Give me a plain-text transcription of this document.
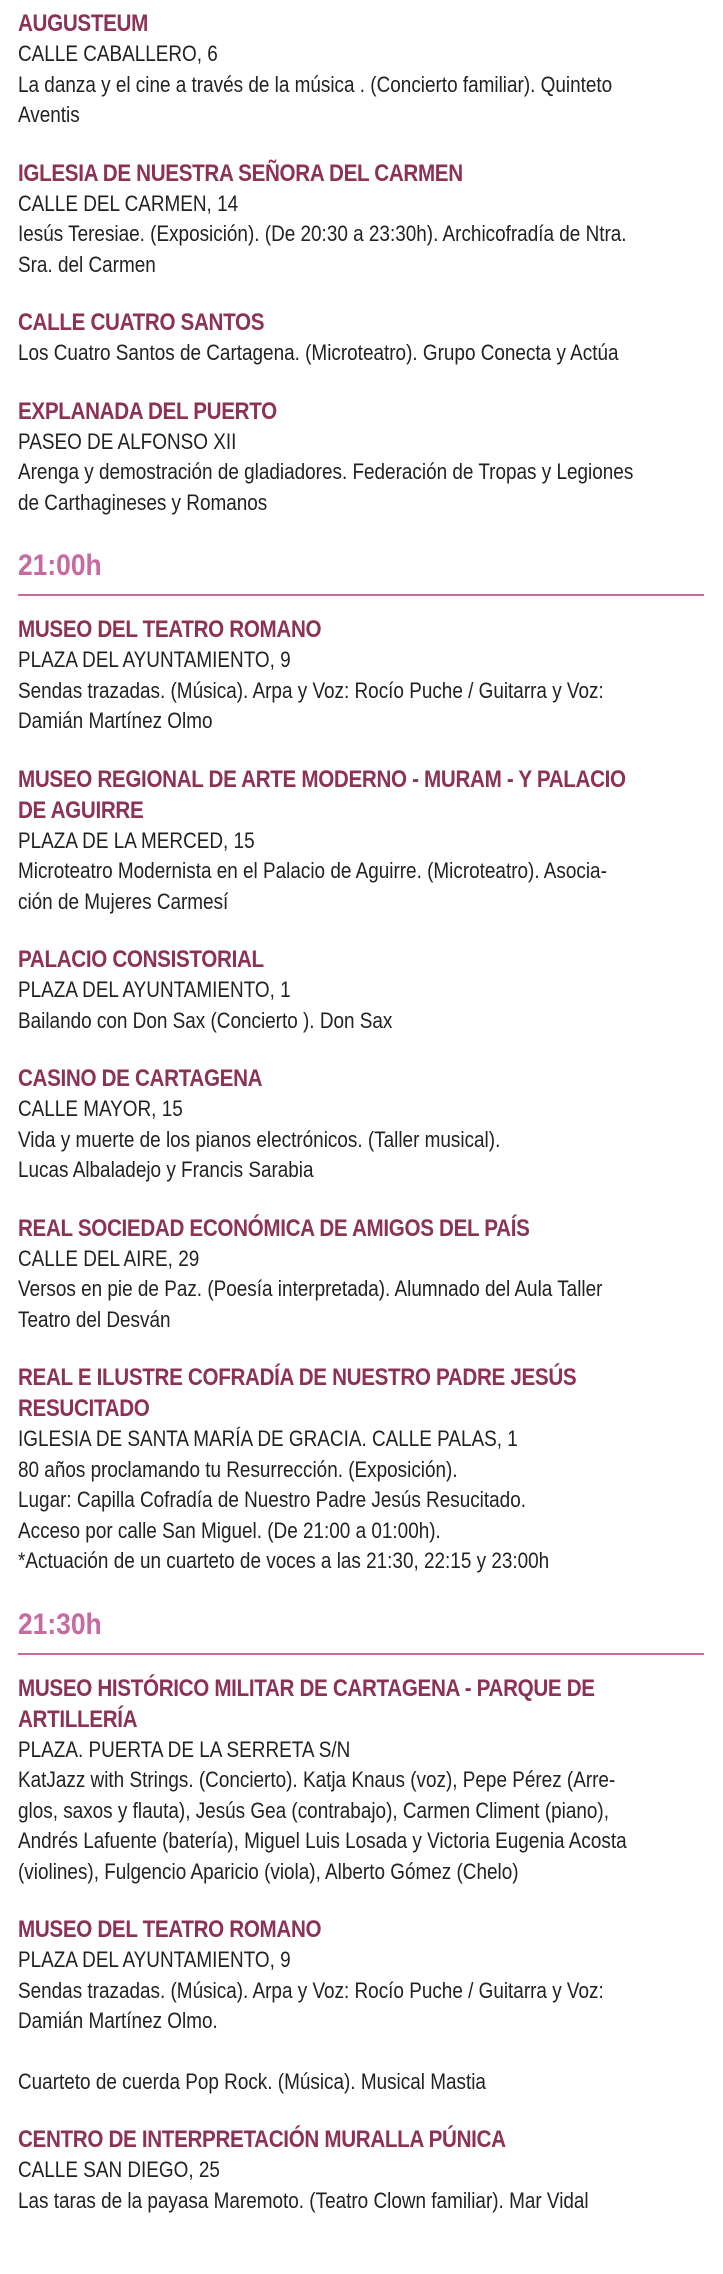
AUGUSTEUM
CALLE CABALLERO, 6
La danza y el cine a través de la música . (Concierto familiar). Quinteto
Aventis
IGLESIA DE NUESTRA SEÑORA DEL CARMEN
CALLE DEL CARMEN, 14
Iesús Teresiae. (Exposición). (De 20:30 a 23:30h). Archicofradía de Ntra.
Sra. del Carmen
CALLE CUATRO SANTOS
Los Cuatro Santos de Cartagena. (Microteatro). Grupo Conecta y Actúa
EXPLANADA DEL PUERTO
PASEO DE ALFONSO XII
Arenga y demostración de gladiadores. Federación de Tropas y Legiones
de Carthagineses y Romanos
21:00h
MUSEO DEL TEATRO ROMANO
PLAZA DEL AYUNTAMIENTO, 9
Sendas trazadas. (Música). Arpa y Voz: Rocío Puche / Guitarra y Voz:
Damián Martínez Olmo
MUSEO REGIONAL DE ARTE MODERNO - MURAM - Y PALACIO
DE AGUIRRE
PLAZA DE LA MERCED, 15
Microteatro Modernista en el Palacio de Aguirre. (Microteatro). Asocia-
ción de Mujeres Carmesí
PALACIO CONSISTORIAL
PLAZA DEL AYUNTAMIENTO, 1
Bailando con Don Sax (Concierto ). Don Sax
CASINO DE CARTAGENA
CALLE MAYOR, 15
Vida y muerte de los pianos electrónicos. (Taller musical).
Lucas Albaladejo y Francis Sarabia
REAL SOCIEDAD ECONÓMICA DE AMIGOS DEL PAÍS
CALLE DEL AIRE, 29
Versos en pie de Paz. (Poesía interpretada). Alumnado del Aula Taller
Teatro del Desván
REAL E ILUSTRE COFRADÍA DE NUESTRO PADRE JESÚS
RESUCITADO
IGLESIA DE SANTA MARÍA DE GRACIA. CALLE PALAS, 1
80 años proclamando tu Resurrección. (Exposición).
Lugar: Capilla Cofradía de Nuestro Padre Jesús Resucitado.
Acceso por calle San Miguel. (De 21:00 a 01:00h).
*Actuación de un cuarteto de voces a las 21:30, 22:15 y 23:00h
21:30h
MUSEO HISTÓRICO MILITAR DE CARTAGENA - PARQUE DE
ARTILLERÍA
PLAZA. PUERTA DE LA SERRETA S/N
KatJazz with Strings. (Concierto). Katja Knaus (voz), Pepe Pérez (Arre-
glos, saxos y flauta), Jesús Gea (contrabajo), Carmen Climent (piano),
Andrés Lafuente (batería), Miguel Luis Losada y Victoria Eugenia Acosta
(violines), Fulgencio Aparicio (viola), Alberto Gómez (Chelo)
MUSEO DEL TEATRO ROMANO
PLAZA DEL AYUNTAMIENTO, 9
Sendas trazadas. (Música). Arpa y Voz: Rocío Puche / Guitarra y Voz:
Damián Martínez Olmo.
Cuarteto de cuerda Pop Rock. (Música). Musical Mastia
CENTRO DE INTERPRETACIÓN MURALLA PÚNICA
CALLE SAN DIEGO, 25
Las taras de la payasa Maremoto. (Teatro Clown familiar). Mar Vidal
